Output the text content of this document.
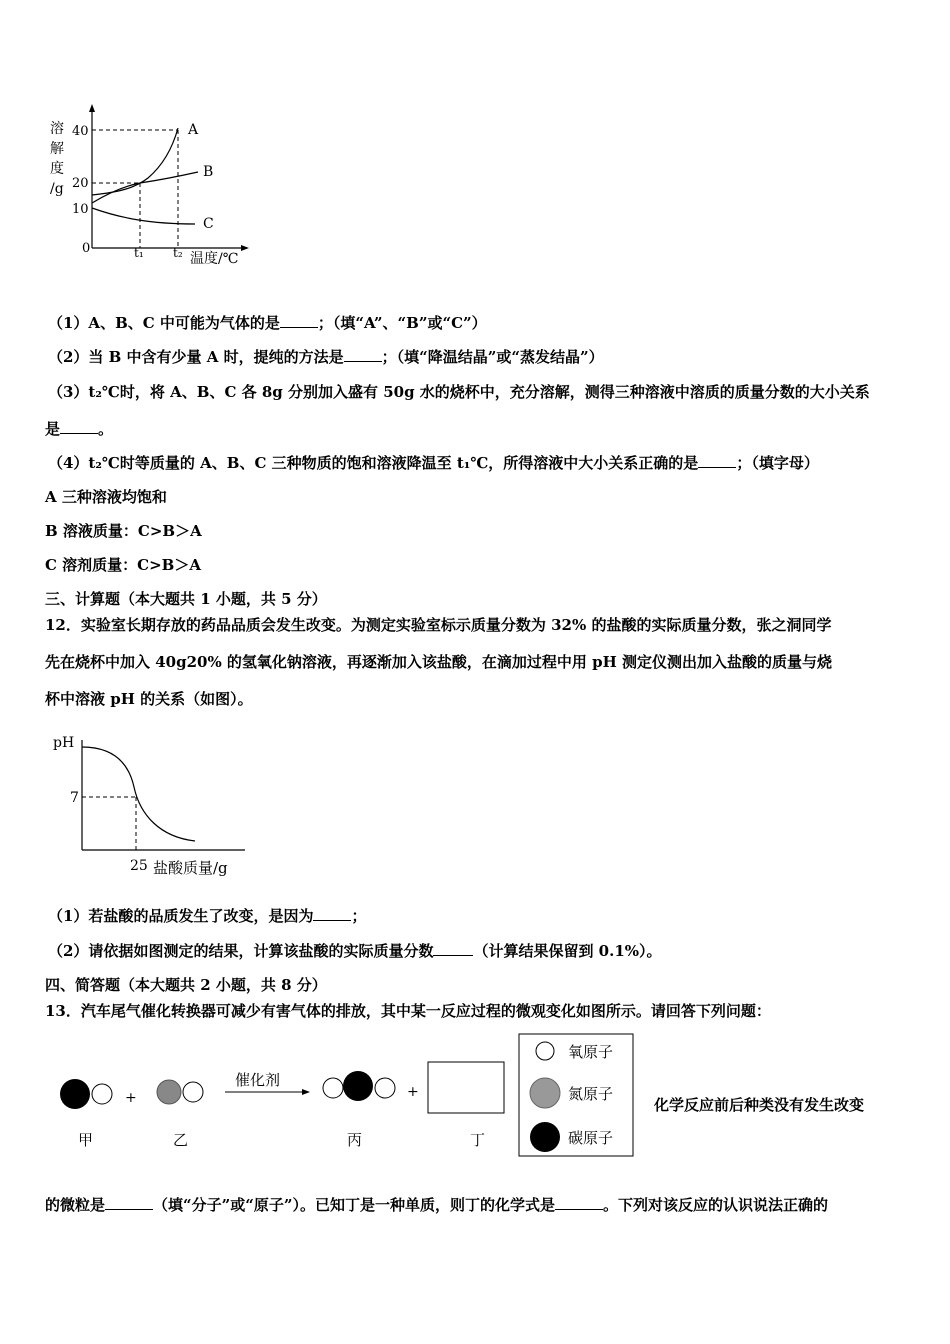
溶
解
度
/g
40
20
10
0
A
B
C
t₁ t₂ 温度/℃
（1）A、B、C 中可能为气体的是	；（填“A”、“B”或“C”）
（2）当 B 中含有少量 A 时，提纯的方法是	；（填“降温结晶”或“蒸发结晶”）
（3）t₂℃时，将 A、B、C 各 8g 分别加入盛有 50g 水的烧杯中，充分溶解，测得三种溶液中溶质的质量分数的大小关系
是	。
（4）t₂℃时等质量的 A、B、C 三种物质的饱和溶液降温至 t₁℃，所得溶液中大小关系正确的是	；（填字母）
A 三种溶液均饱和
B 溶液质量：C>B＞A
C 溶剂质量：C>B＞A
三、计算题（本大题共 1 小题，共 5 分）
12．实验室长期存放的药品品质会发生改变。为测定实验室标示质量分数为 32% 的盐酸的实际质量分数，张之洞同学
先在烧杯中加入 40g20% 的氢氧化钠溶液，再逐渐加入该盐酸，在滴加过程中用 pH 测定仪测出加入盐酸的质量与烧
杯中溶液 pH 的关系（如图）。
pH
7
25 盐酸质量/g
（1）若盐酸的品质发生了改变，是因为	；
（2）请依据如图测定的结果，计算该盐酸的实际质量分数	（计算结果保留到 0.1%）。
四、简答题（本大题共 2 小题，共 8 分）
13．汽车尾气催化转换器可减少有害气体的排放，其中某一反应过程的微观变化如图所示。请回答下列问题：
+
催化剂
+
甲	乙	丙	丁
氧原子
氮原子
碳原子
化学反应前后种类没有发生改变
的微粒是	（填“分子”或“原子”）。已知丁是一种单质，则丁的化学式是	。下列对该反应的认识说法正确的
